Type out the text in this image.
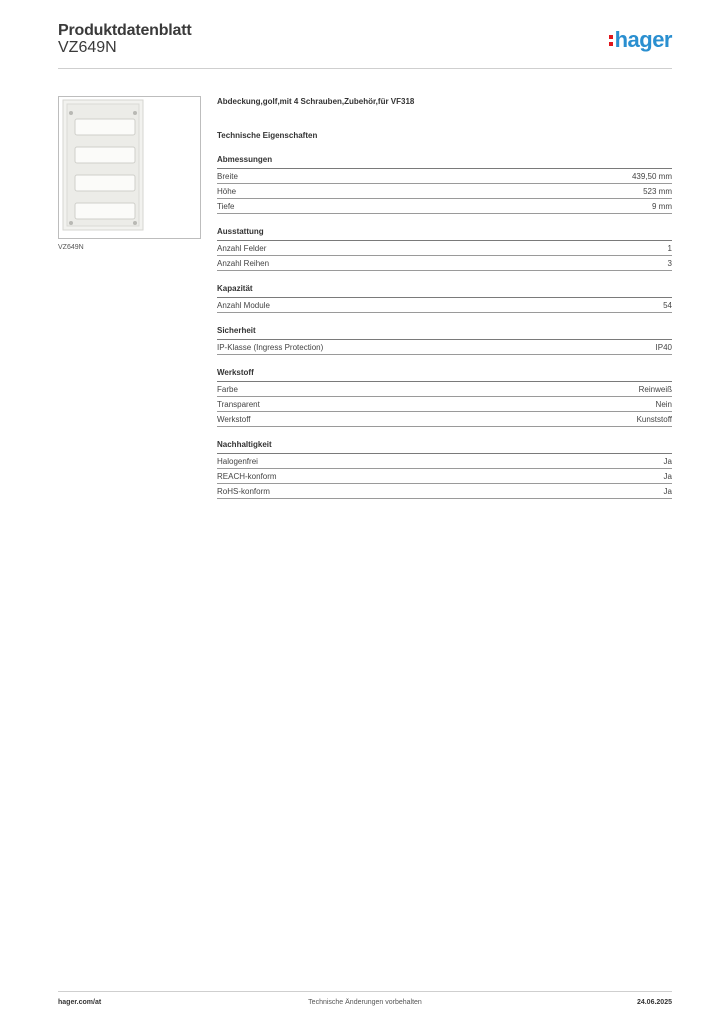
Produktdatenblatt
VZ649N	hager
VZ649N
Abdeckung,golf,mit 4 Schrauben,Zubehör,für VF318
Technische Eigenschaften
Abmessungen
Breite	439,50 mm
Höhe	523 mm
Tiefe	9 mm
Ausstattung
Anzahl Felder	1
Anzahl Reihen	3
Kapazität
Anzahl Module	54
Sicherheit
IP-Klasse (Ingress Protection)	IP40
Werkstoff
Farbe	Reinweiß
Transparent	Nein
Werkstoff	Kunststoff
Nachhaltigkeit
Halogenfrei	Ja
REACH-konform	Ja
RoHS-konform	Ja
hager.com/at	Technische Änderungen vorbehalten	24.06.2025
